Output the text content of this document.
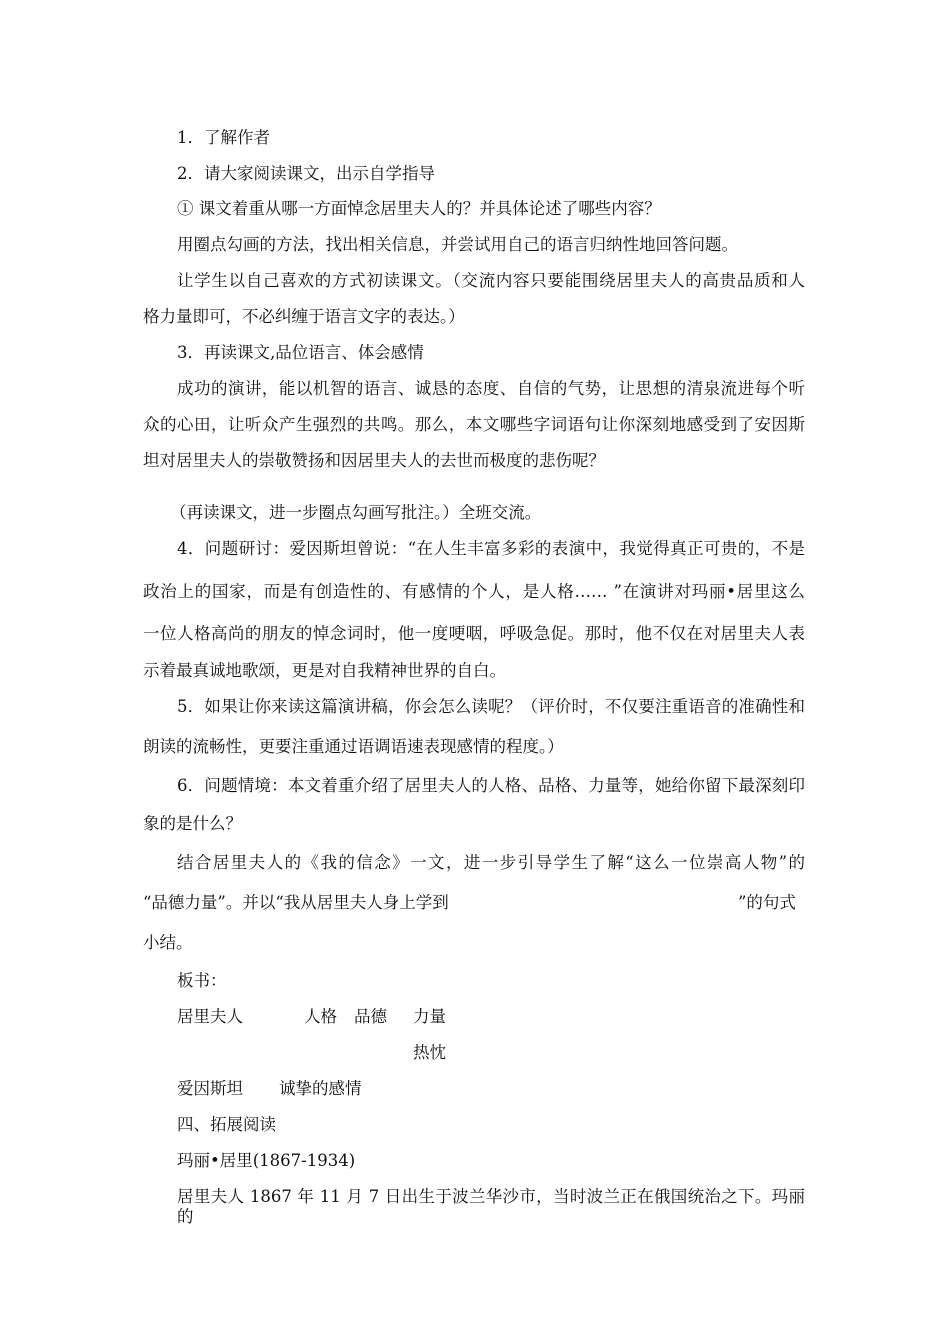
1．了解作者
2．请大家阅读课文，出示自学指导
① 课文着重从哪一方面悼念居里夫人的？并具体论述了哪些内容？
用圈点勾画的方法，找出相关信息，并尝试用自己的语言归纳性地回答问题。
让学生以自己喜欢的方式初读课文。（交流内容只要能围绕居里夫人的高贵品质和人
格力量即可，不必纠缠于语言文字的表达。）
3．再读课文,品位语言、体会感情
成功的演讲，能以机智的语言、诚恳的态度、自信的气势，让思想的清泉流进每个听
众的心田，让听众产生强烈的共鸣。那么，本文哪些字词语句让你深刻地感受到了安因斯
坦对居里夫人的崇敬赞扬和因居里夫人的去世而极度的悲伤呢？
（再读课文，进一步圈点勾画写批注。）全班交流。
4．问题研讨：爱因斯坦曾说：“在人生丰富多彩的表演中，我觉得真正可贵的，不是
政治上的国家，而是有创造性的、有感情的个人，是人格…… ”在演讲对玛丽•居里这么
一位人格高尚的朋友的悼念词时，他一度哽咽，呼吸急促。那时，他不仅在对居里夫人表
示着最真诚地歌颂，更是对自我精神世界的自白。
5．如果让你来读这篇演讲稿，你会怎么读呢？（评价时，不仅要注重语音的准确性和
朗读的流畅性，更要注重通过语调语速表现感情的程度。）
6．问题情境：本文着重介绍了居里夫人的人格、品格、力量等，她给你留下最深刻印
象的是什么？
结合居里夫人的《我的信念》一文，进一步引导学生了解“这么一位崇高人物”的
“品德力量”。并以“我从居里夫人身上学到	”的句式
小结。
板书：
居里夫人	人格 品德 力量
热忱
爱因斯坦 诚挚的感情
四、拓展阅读
玛丽•居里(1867-1934)
居里夫人 1867 年 11 月 7 日出生于波兰华沙市，当时波兰正在俄国统治之下。玛丽的
